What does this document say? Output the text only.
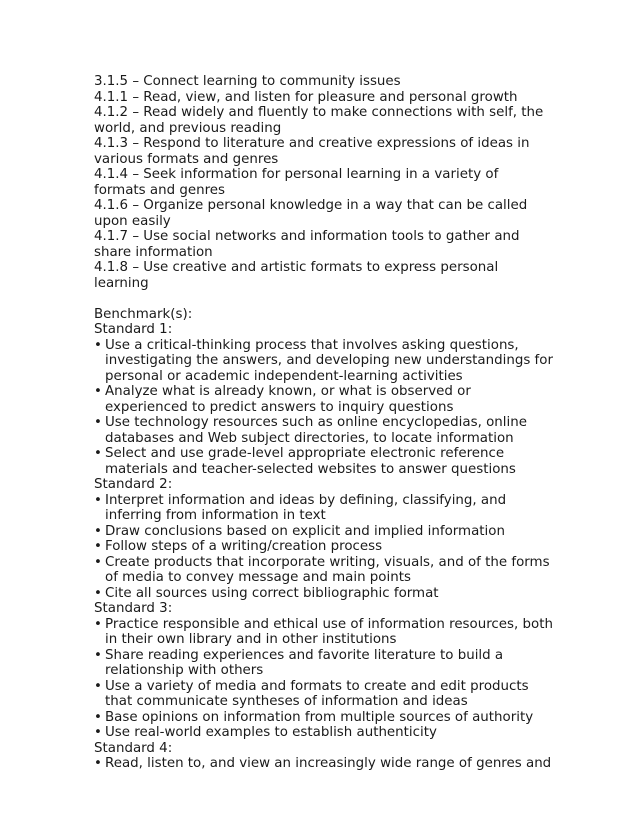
3.1.5 – Connect learning to community issues

4.1.1 – Read, view, and listen for pleasure and personal growth

4.1.2 – Read widely and fluently to make connections with self, the world, and previous reading

4.1.3 – Respond to literature and creative expressions of ideas in various formats and genres

4.1.4 – Seek information for personal learning in a variety of formats and genres

4.1.6 – Organize personal knowledge in a way that can be called upon easily

4.1.7 – Use social networks and information tools to gather and share information

4.1.8 – Use creative and artistic formats to express personal learning

Benchmark(s):

Standard 1:

• Use a critical-thinking process that involves asking questions, investigating the answers, and developing new understandings for personal or academic independent-learning activities
• Analyze what is already known, or what is observed or experienced to predict answers to inquiry questions
• Use technology resources such as online encyclopedias, online databases and Web subject directories, to locate information
• Select and use grade-level appropriate electronic reference materials and teacher-selected websites to answer questions

Standard 2:

• Interpret information and ideas by defining, classifying, and inferring from information in text
• Draw conclusions based on explicit and implied information
• Follow steps of a writing/creation process
• Create products that incorporate writing, visuals, and of the forms of media to convey message and main points
• Cite all sources using correct bibliographic format

Standard 3:

• Practice responsible and ethical use of information resources, both in their own library and in other institutions
• Share reading experiences and favorite literature to build a relationship with others
• Use a variety of media and formats to create and edit products that communicate syntheses of information and ideas
• Base opinions on information from multiple sources of authority
• Use real-world examples to establish authenticity

Standard 4:

• Read, listen to, and view an increasingly wide range of genres and
